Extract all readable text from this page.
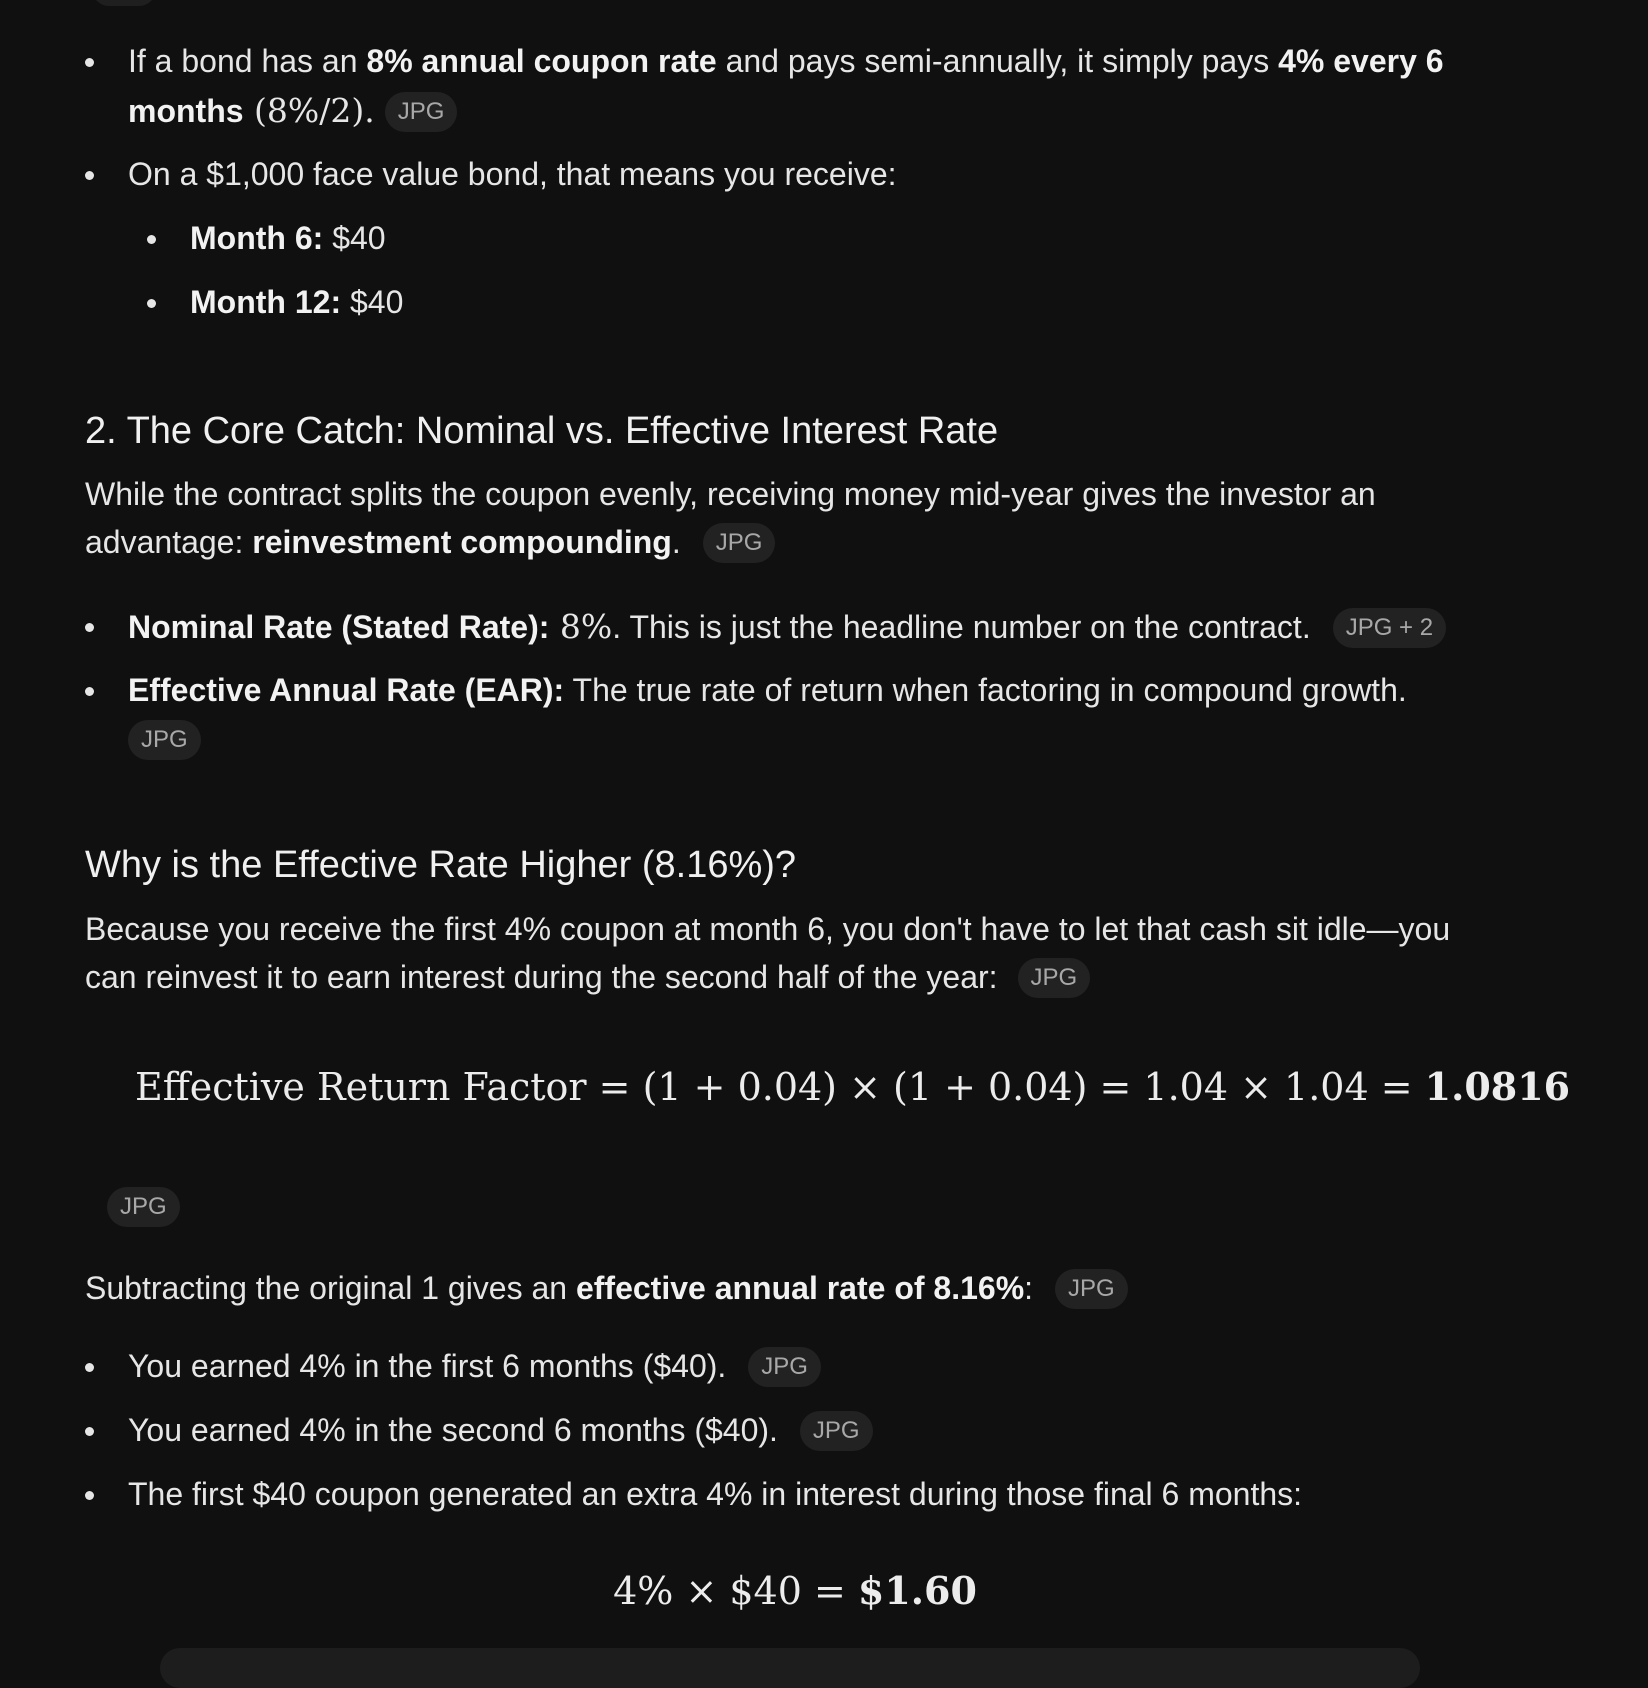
If a bond has an 8% annual coupon rate and pays semi-annually, it simply pays 4% every 6 months (8%/2). JPG
On a $1,000 face value bond, that means you receive:
Month 6: $40
Month 12: $40
2. The Core Catch: Nominal vs. Effective Interest Rate

While the contract splits the coupon evenly, receiving money mid-year gives the investor an advantage: reinvestment compounding. JPG

Nominal Rate (Stated Rate): 8%. This is just the headline number on the contract. JPG + 2
Effective Annual Rate (EAR): The true rate of return when factoring in compound growth.
JPG
Why is the Effective Rate Higher (8.16%)?

Because you receive the first 4% coupon at month 6, you don't have to let that cash sit idle—you can reinvest it to earn interest during the second half of the year: JPG

Effective Return Factor = (1 + 0.04) × (1 + 0.04) = 1.04 × 1.04 = 1.0816
JPG

Subtracting the original 1 gives an effective annual rate of 8.16%: JPG

You earned 4% in the first 6 months ($40). JPG
You earned 4% in the second 6 months ($40). JPG
The first $40 coupon generated an extra 4% in interest during those final 6 months:
4% × $40 = $1.60
